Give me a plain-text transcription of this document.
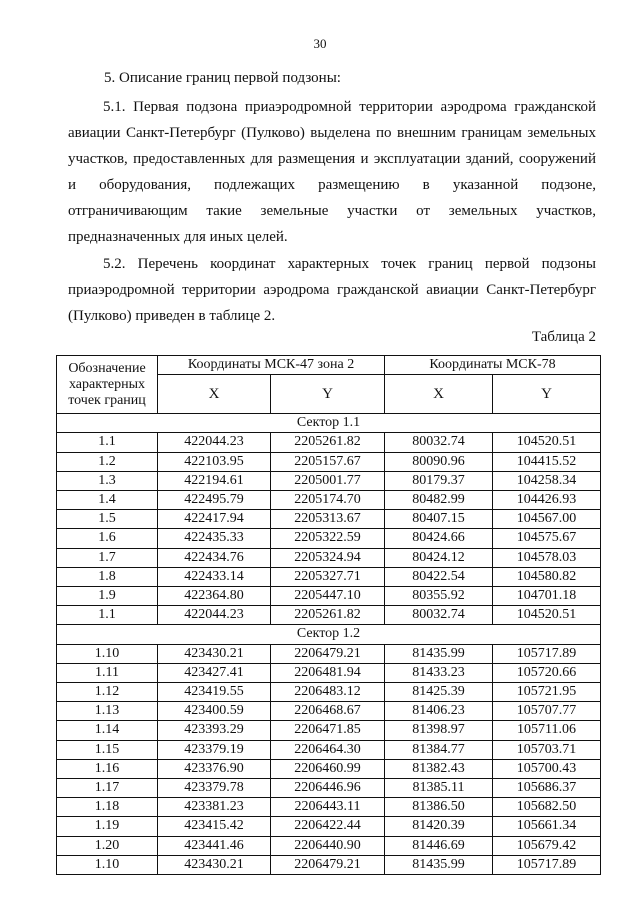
30
5. Описание границ первой подзоны:

5.1. Первая подзона приаэродромной территории аэродрома гражданской авиации Санкт-Петербург (Пулково) выделена по внешним границам земельных участков, предоставленных для размещения и эксплуатации зданий, сооружений и оборудования, подлежащих размещению в указанной подзоне, отграничивающим такие земельные участки от земельных участков, предназначенных для иных целей.

5.2. Перечень координат характерных точек границ первой подзоны приаэродромной территории аэродрома гражданской авиации Санкт-Петербург (Пулково) приведен в таблице 2.

Таблица 2
Обозначение характерных точек границ	Координаты МСК-47 зона 2		Координаты МСК-78	
	X	Y	X	Y
Сектор 1.1				
1.1	422044.23	2205261.82	80032.74	104520.51
1.2	422103.95	2205157.67	80090.96	104415.52
1.3	422194.61	2205001.77	80179.37	104258.34
1.4	422495.79	2205174.70	80482.99	104426.93
1.5	422417.94	2205313.67	80407.15	104567.00
1.6	422435.33	2205322.59	80424.66	104575.67
1.7	422434.76	2205324.94	80424.12	104578.03
1.8	422433.14	2205327.71	80422.54	104580.82
1.9	422364.80	2205447.10	80355.92	104701.18
1.1	422044.23	2205261.82	80032.74	104520.51
Сектор 1.2				
1.10	423430.21	2206479.21	81435.99	105717.89
1.11	423427.41	2206481.94	81433.23	105720.66
1.12	423419.55	2206483.12	81425.39	105721.95
1.13	423400.59	2206468.67	81406.23	105707.77
1.14	423393.29	2206471.85	81398.97	105711.06
1.15	423379.19	2206464.30	81384.77	105703.71
1.16	423376.90	2206460.99	81382.43	105700.43
1.17	423379.78	2206446.96	81385.11	105686.37
1.18	423381.23	2206443.11	81386.50	105682.50
1.19	423415.42	2206422.44	81420.39	105661.34
1.20	423441.46	2206440.90	81446.69	105679.42
1.10	423430.21	2206479.21	81435.99	105717.89
